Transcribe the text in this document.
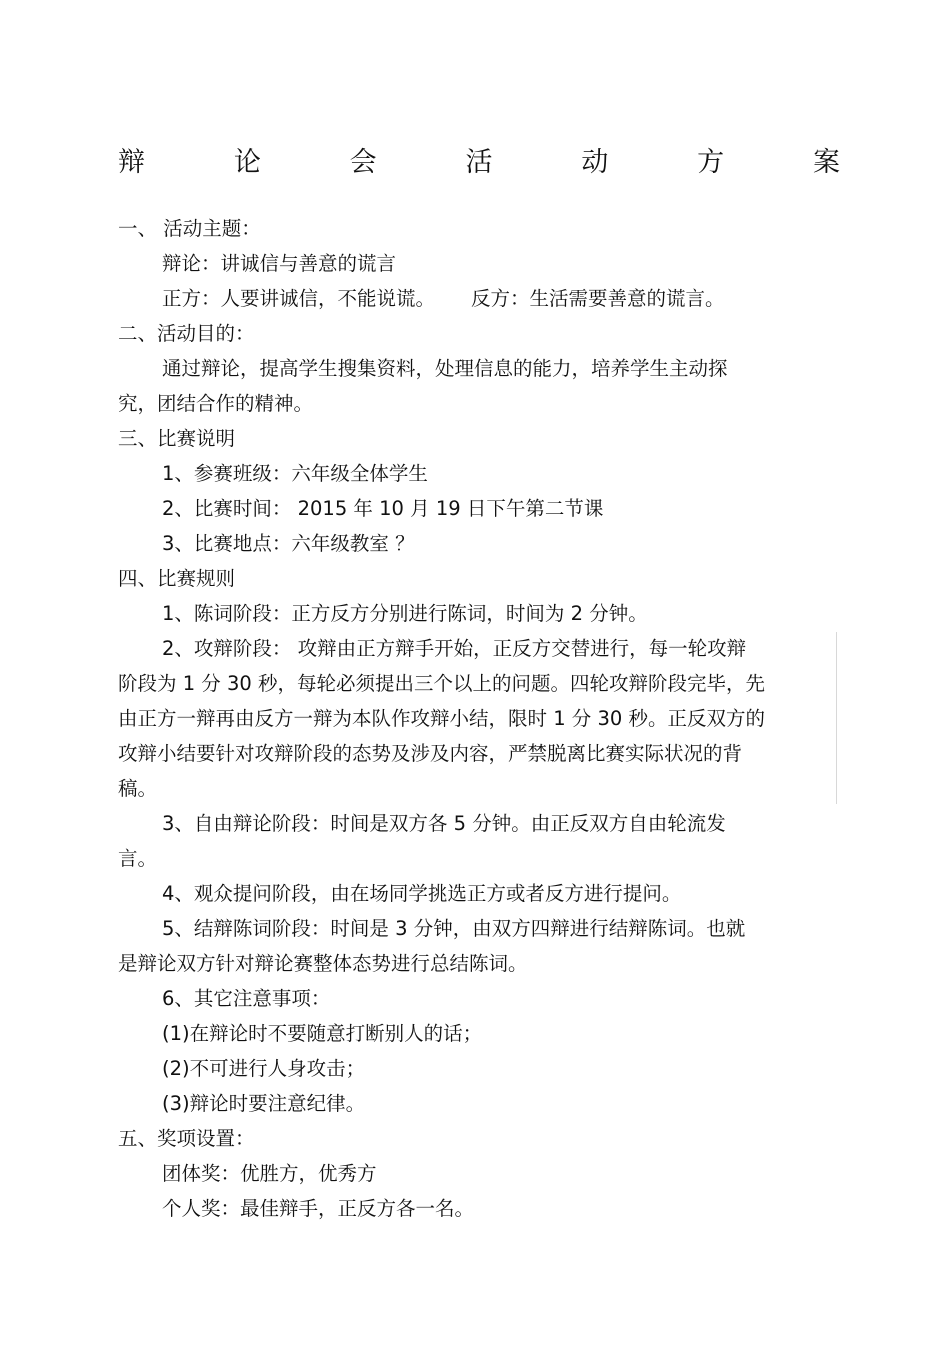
辩	论	会	活	动	方	案
一、 活动主题：
辩论：讲诚信与善意的谎言
正方：人要讲诚信，不能说谎。 反方：生活需要善意的谎言。
二、活动目的：
通过辩论，提高学生搜集资料，处理信息的能力，培养学生主动探
究，团结合作的精神。
三、比赛说明
1、参赛班级：六年级全体学生
2、比赛时间： 2015 年 10 月 19 日下午第二节课
3、比赛地点：六年级教室 ？
四、比赛规则
1、陈词阶段：正方反方分别进行陈词，时间为 2 分钟。
2、攻辩阶段： 攻辩由正方辩手开始，正反方交替进行，每一轮攻辩
阶段为 1 分 30 秒，每轮必须提出三个以上的问题。四轮攻辩阶段完毕，先
由正方一辩再由反方一辩为本队作攻辩小结，限时 1 分 30 秒。正反双方的
攻辩小结要针对攻辩阶段的态势及涉及内容，严禁脱离比赛实际状况的背
稿。
3、自由辩论阶段：时间是双方各 5 分钟。由正反双方自由轮流发
言。
4、观众提问阶段，由在场同学挑选正方或者反方进行提问。
5、结辩陈词阶段：时间是 3 分钟，由双方四辩进行结辩陈词。也就
是辩论双方针对辩论赛整体态势进行总结陈词。
6、其它注意事项：
(1)在辩论时不要随意打断别人的话；
(2)不可进行人身攻击；
(3)辩论时要注意纪律。
五、奖项设置：
团体奖：优胜方，优秀方
个人奖：最佳辩手，正反方各一名。
